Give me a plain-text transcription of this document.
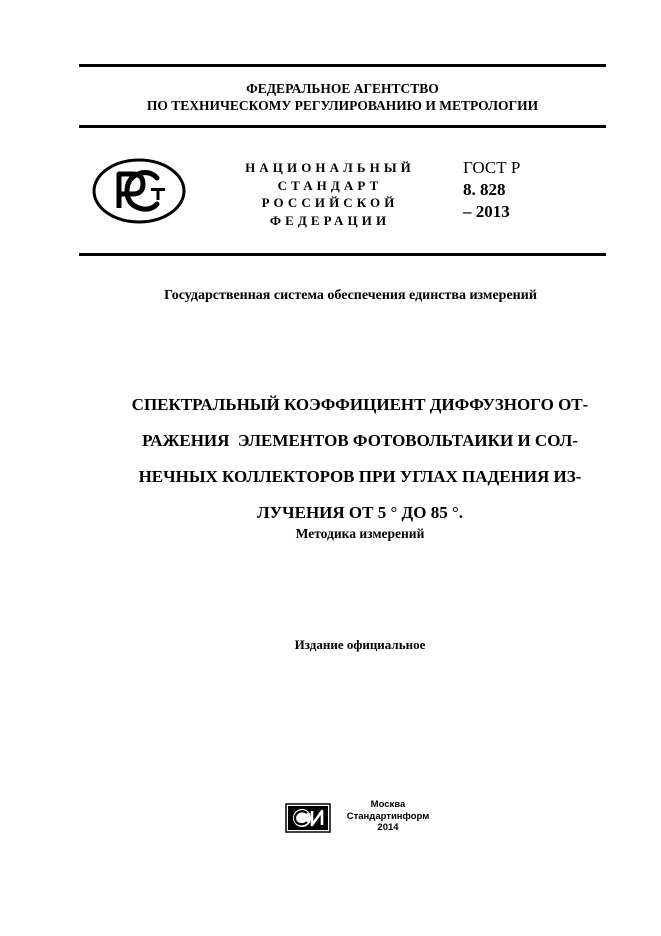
ФЕДЕРАЛЬНОЕ АГЕНТСТВО
ПО ТЕХНИЧЕСКОМУ РЕГУЛИРОВАНИЮ И МЕТРОЛОГИИ
НАЦИОНАЛЬНЫЙ
СТАНДАРТ
РОССИЙСКОЙ
ФЕДЕРАЦИИ
ГОСТ Р
8. 828
– 2013
Государственная система обеспечения единства измерений
СПЕКТРАЛЬНЫЙ КОЭФФИЦИЕНТ ДИФФУЗНОГО ОТ-
РАЖЕНИЯ  ЭЛЕМЕНТОВ ФОТОВОЛЬТАИКИ И СОЛ-
НЕЧНЫХ КОЛЛЕКТОРОВ ПРИ УГЛАХ ПАДЕНИЯ ИЗ-
ЛУЧЕНИЯ ОТ 5 ° ДО 85 °.
Методика измерений
Издание официальное
Москва
Стандартинформ
2014
